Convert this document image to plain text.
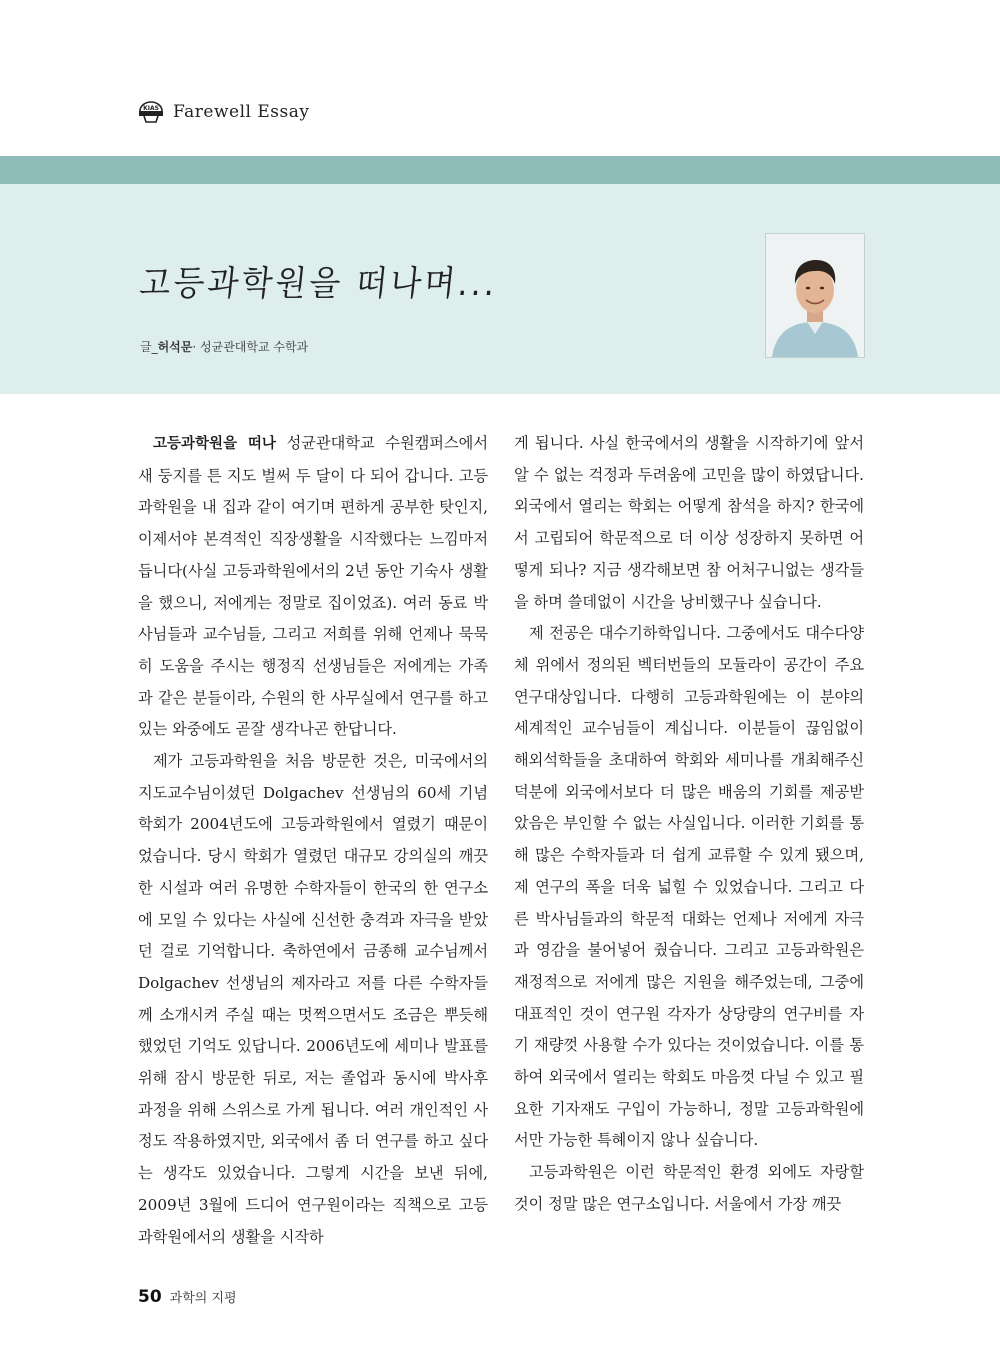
KIAS Farewell Essay
고등과학원을 떠나며...
글_허석문· 성균관대학교 수학과

고등과학원을 떠나 성균관대학교 수원캠퍼스에서 새 둥지를 튼 지도 벌써 두 달이 다 되어 갑니다. 고등과학원을 내 집과 같이 여기며 편하게 공부한 탓인지, 이제서야 본격적인 직장생활을 시작했다는 느낌마저 듭니다(사실 고등과학원에서의 2년 동안 기숙사 생활을 했으니, 저에게는 정말로 집이었죠). 여러 동료 박사님들과 교수님들, 그리고 저희를 위해 언제나 묵묵히 도움을 주시는 행정직 선생님들은 저에게는 가족과 같은 분들이라, 수원의 한 사무실에서 연구를 하고 있는 와중에도 곧잘 생각나곤 한답니다.

제가 고등과학원을 처음 방문한 것은, 미국에서의 지도교수님이셨던 Dolgachev 선생님의 60세 기념 학회가 2004년도에 고등과학원에서 열렸기 때문이었습니다. 당시 학회가 열렸던 대규모 강의실의 깨끗한 시설과 여러 유명한 수학자들이 한국의 한 연구소에 모일 수 있다는 사실에 신선한 충격과 자극을 받았던 걸로 기억합니다. 축하연에서 금종해 교수님께서 Dolgachev 선생님의 제자라고 저를 다른 수학자들께 소개시켜 주실 때는 멋쩍으면서도 조금은 뿌듯해했었던 기억도 있답니다. 2006년도에 세미나 발표를 위해 잠시 방문한 뒤로, 저는 졸업과 동시에 박사후 과정을 위해 스위스로 가게 됩니다. 여러 개인적인 사정도 작용하였지만, 외국에서 좀 더 연구를 하고 싶다는 생각도 있었습니다. 그렇게 시간을 보낸 뒤에, 2009년 3월에 드디어 연구원이라는 직책으로 고등과학원에서의 생활을 시작하

게 됩니다. 사실 한국에서의 생활을 시작하기에 앞서 알 수 없는 걱정과 두려움에 고민을 많이 하였답니다. 외국에서 열리는 학회는 어떻게 참석을 하지? 한국에서 고립되어 학문적으로 더 이상 성장하지 못하면 어떻게 되나? 지금 생각해보면 참 어처구니없는 생각들을 하며 쓸데없이 시간을 낭비했구나 싶습니다.

제 전공은 대수기하학입니다. 그중에서도 대수다양체 위에서 정의된 벡터번들의 모듈라이 공간이 주요 연구대상입니다. 다행히 고등과학원에는 이 분야의 세계적인 교수님들이 계십니다. 이분들이 끊임없이 해외석학들을 초대하여 학회와 세미나를 개최해주신 덕분에 외국에서보다 더 많은 배움의 기회를 제공받았음은 부인할 수 없는 사실입니다. 이러한 기회를 통해 많은 수학자들과 더 쉽게 교류할 수 있게 됐으며, 제 연구의 폭을 더욱 넓힐 수 있었습니다. 그리고 다른 박사님들과의 학문적 대화는 언제나 저에게 자극과 영감을 불어넣어 줬습니다. 그리고 고등과학원은 재정적으로 저에게 많은 지원을 해주었는데, 그중에 대표적인 것이 연구원 각자가 상당량의 연구비를 자기 재량껏 사용할 수가 있다는 것이었습니다. 이를 통하여 외국에서 열리는 학회도 마음껏 다닐 수 있고 필요한 기자재도 구입이 가능하니, 정말 고등과학원에서만 가능한 특혜이지 않나 싶습니다.

고등과학원은 이런 학문적인 환경 외에도 자랑할 것이 정말 많은 연구소입니다. 서울에서 가장 깨끗

50 과학의 지평
